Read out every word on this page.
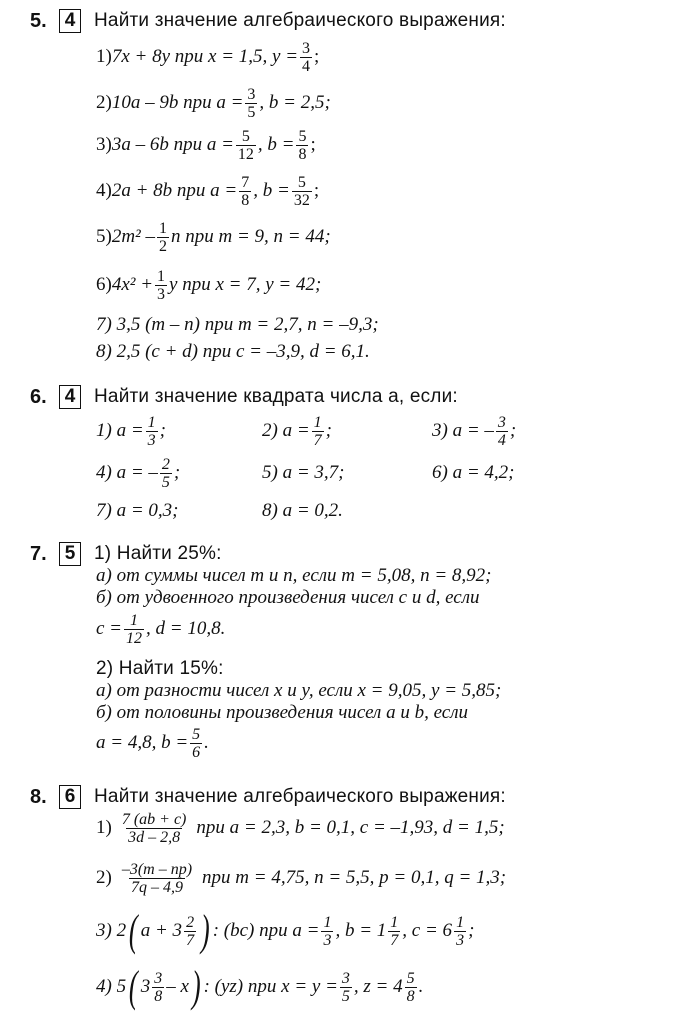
5. 4 Найти значение алгебраического выражения:
1) 7x + 8y при x = 1,5, $y = \frac{3}{4}$ ;
2) 10a – 9b при $a = \frac{3}{5}$ , b = 2,5;
3) 3a – 6b при $a = \frac{5}{12}$ , $b = \frac{5}{8}$ ;
4) 2a + 8b при $a = \frac{7}{8}$ , $b = \frac{5}{32}$ ;
5) $2m^2 - \frac{1}{2}$ n при m = 9, n = 44;
6) $4x^2 + \frac{1}{3}$ y при x = 7, y = 42;
7) 3,5 (m – n) при m = 2,7, n = –9,3;
8) 2,5 (c + d) при c = –3,9, d = 6,1.
6. 4 Найти значение квадрата числа a, если:
1) $a = \frac{1}{3}$ ;	2) $a = \frac{1}{7}$ ;	3) a = – $\frac{3}{4}$ ;
4) a = – $\frac{2}{5}$ ;	5) a = 3,7;	6) a = 4,2;
7) a = 0,3;	8) a = 0,2.
7. 5 1) Найти 25%:
а) от суммы чисел m и n, если m = 5,08, n = 8,92;
б) от удвоенного произведения чисел c и d, если
$c = \frac{1}{12}$ , d = 10,8.
2) Найти 15%:
а) от разности чисел x и y, если x = 9,05, y = 5,85;
б) от половины произведения чисел a и b, если
a = 4,8, $b = \frac{5}{6}$ .
8. 6 Найти значение алгебраического выражения:
$1) \frac{7 (ab + c)}{3d - 2,8}$ при a = 2,3, b = 0,1, c = –1,93, d = 1,5;
$2) \frac{-3(m - np)}{7q - 4,9}$ при m = 4,75, n = 5,5, p = 0,1, q = 1,3;
3) 2 ( $a + 3 \frac{2}{7}$ ) : (bc) при $a = \frac{1}{3}$ , $b = 1 \frac{1}{7}$ , $c = 6 \frac{1}{3}$ ;
4) 5 ( $3 \frac{3}{8}$ – x ) : (yz) при $x = y = \frac{3}{5}$ , $z = 4 \frac{5}{8}$ .
